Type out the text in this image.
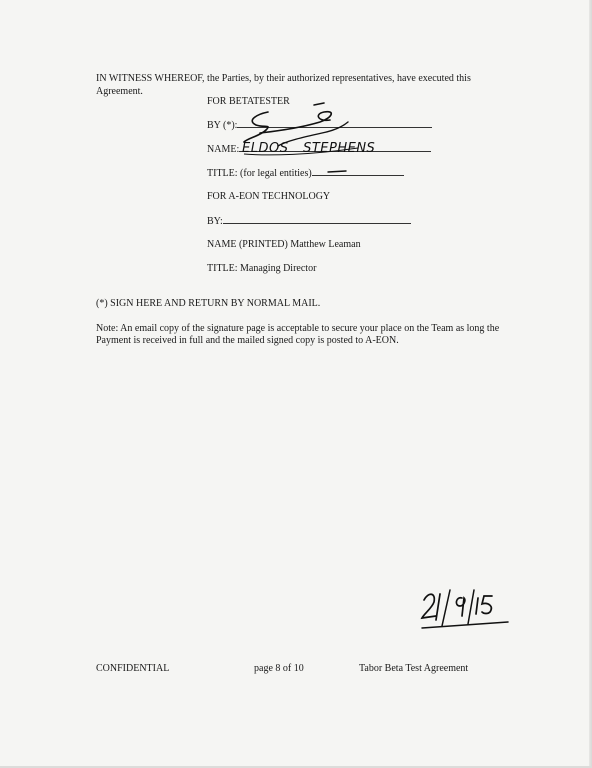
IN WITNESS WHEREOF, the Parties, by their authorized representatives, have executed this Agreement.
FOR BETATESTER
BY (*):
NAME:
TITLE: (for legal entities)
FOR A-EON TECHNOLOGY
BY:
NAME (PRINTED) Matthew Leaman
TITLE: Managing Director
ELDOS STEPHENS
(*) SIGN HERE AND RETURN BY NORMAL MAIL.
Note: An email copy of the signature page is acceptable to secure your place on the Team as long the Payment is received in full and the mailed signed copy is posted to A-EON.
CONFIDENTIAL	page 8 of 10	Tabor Beta Test Agreement
